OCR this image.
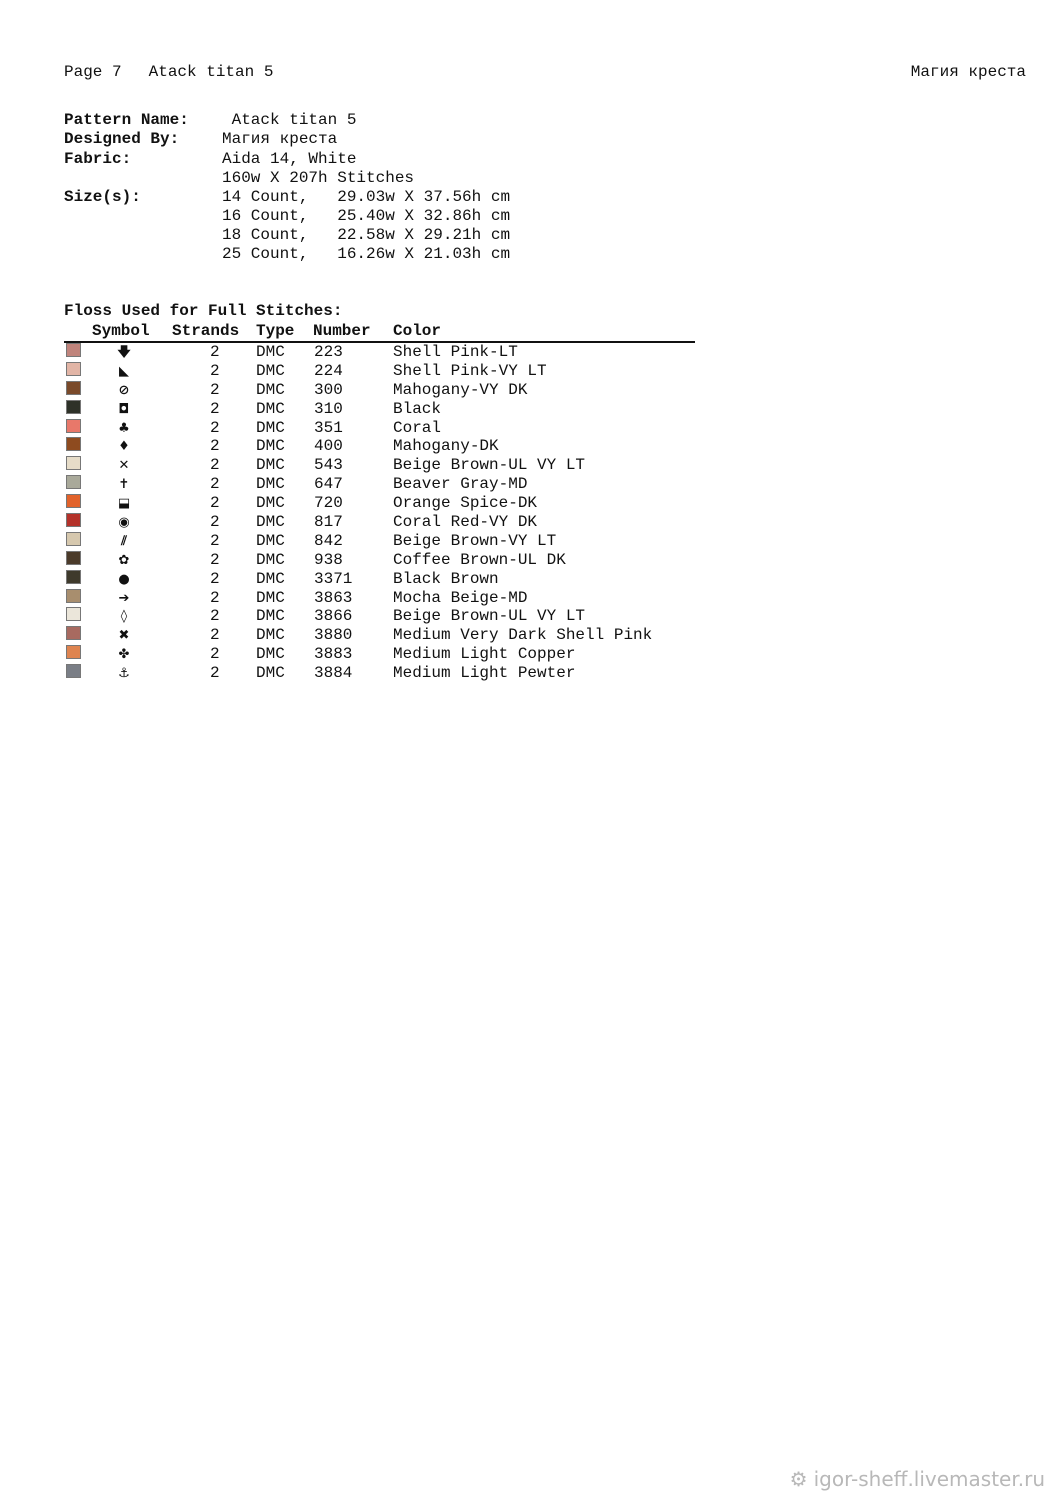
Page 7 Atack titan 5	Магия креста
Pattern Name: Atack titan 5
Designed By:	Магия креста
Fabric:	Aida 14, White
160w X 207h Stitches
Size(s):	14 Count,   29.03w X 37.56h cm
16 Count,   25.40w X 32.86h cm
18 Count,   22.58w X 29.21h cm
25 Count,   16.26w X 21.03h cm
Floss Used for Full Stitches:
Symbol Strands Type Number Color
🡇	2 DMC 223	Shell Pink-LT
◣	2 DMC 224	Shell Pink-VY LT
⊘	2 DMC 300	Mahogany-VY DK
◘	2 DMC 310	Black
♣	2 DMC 351	Coral
♦	2 DMC 400	Mahogany-DK
✕	2 DMC 543	Beige Brown-UL VY LT
✝	2 DMC 647	Beaver Gray-MD
⬓	2 DMC 720	Orange Spice-DK
◉	2 DMC 817	Coral Red-VY DK
⫽	2 DMC 842	Beige Brown-VY LT
✿	2 DMC 938	Coffee Brown-UL DK
●	2 DMC 3371	Black Brown
➔	2 DMC 3863	Mocha Beige-MD
◊	2 DMC 3866	Beige Brown-UL VY LT
✖	2 DMC 3880	Medium Very Dark Shell Pink
✤	2 DMC 3883	Medium Light Copper
⚓	2 DMC 3884	Medium Light Pewter
⚙ igor-sheff.livemaster.ru
